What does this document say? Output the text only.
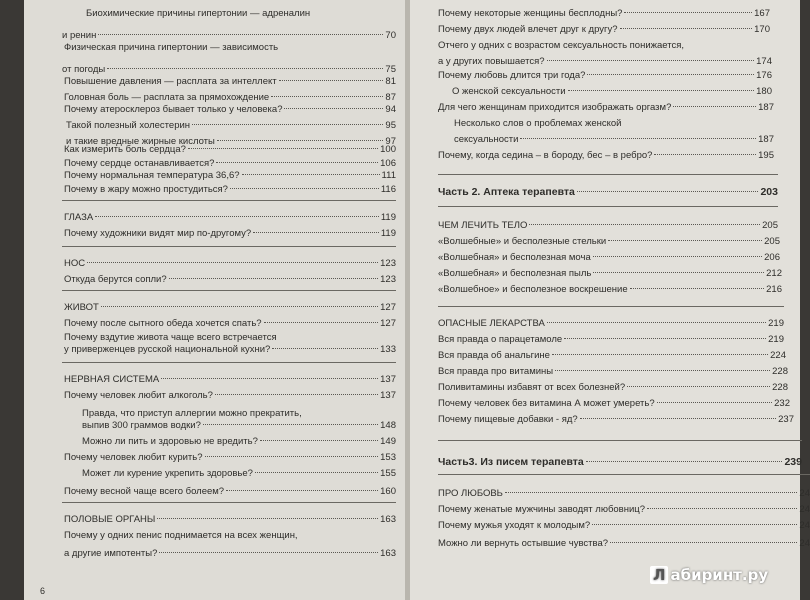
Биохимические причины гипертонии — адреналин
и ренин	70
Физическая причина гипертонии — зависимость
от погоды	75
Повышение давления — расплата за интеллект	81
Головная боль — расплата за прямохождение	87
Почему атеросклероз бывает только у человека?	94
Такой полезный холестерин	95
и такие вредные жирные кислоты	97
Как измерить боль сердца?	100
Почему сердце останавливается?	106
Почему нормальная температура 36,6?	111
Почему в жару можно простудиться?	116
ГЛАЗА	119
Почему художники видят мир по-другому?	119
НОС	123
Откуда берутся сопли?	123
ЖИВОТ	127
Почему после сытного обеда хочется спать?	127
Почему вздутие живота чаще всего встречается
у приверженцев русской национальной кухни?	133
НЕРВНАЯ СИСТЕМА	137
Почему человек любит алкоголь?	137
Правда, что приступ аллергии можно прекратить,
выпив 300 граммов водки?	148
Можно ли пить и здоровью не вредить?	149
Почему человек любит курить?	153
Может ли курение укрепить здоровье?	155
Почему весной чаще всего болеем?	160
ПОЛОВЫЕ ОРГАНЫ	163
Почему у одних пенис поднимается на всех женщин,
а другие импотенты?	163
Почему некоторые женщины бесплодны?	167
Почему двух людей влечет друг к другу?	170
Отчего у одних с возрастом сексуальность понижается,
а у других повышается?	174
Почему любовь длится три года?	176
О женской сексуальности	180
Для чего женщинам приходится изображать оргазм?	187
Несколько слов о проблемах женской
сексуальности	187
Почему, когда седина – в бороду, бес – в ребро?	195
Часть 2. Аптека терапевта	203
ЧЕМ ЛЕЧИТЬ ТЕЛО	205
«Волшебные» и бесполезные стельки	205
«Волшебная» и бесполезная моча	206
«Волшебная» и бесполезная пыль	212
«Волшебное» и бесполезное воскрешение	216
ОПАСНЫЕ ЛЕКАРСТВА	219
Вся правда о парацетамоле	219
Вся правда об анальгине	224
Вся правда про витамины	228
Поливитамины избавят от всех болезней?	228
Почему человек без витамина А может умереть?	232
Почему пищевые добавки - яд?	237
Часть3. Из писем терапевта	239
ПРО ЛЮБОВЬ	24
Почему женатые мужчины заводят любовниц?	24
Почему мужья уходят к молодым?	24
Можно ли вернуть остывшие чувства?	24
6
Л абиринт.ру
